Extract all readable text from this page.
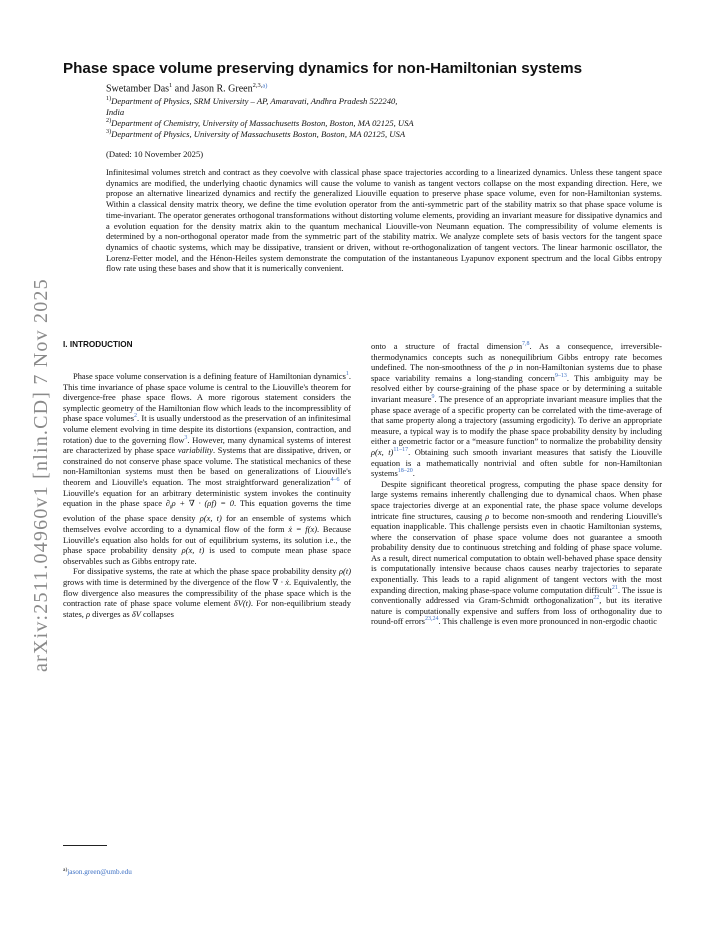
arXiv:2511.04960v1 [nlin.CD] 7 Nov 2025
Phase space volume preserving dynamics for non-Hamiltonian systems
Swetamber Das$^1$ and Jason R. Green$^{2,3,a)}$
$^{1)}$Department of Physics, SRM University – AP, Amaravati, Andhra Pradesh 522240,
India
$^{2)}$Department of Chemistry, University of Massachusetts Boston, Boston, MA 02125, USA
$^{3)}$Department of Physics, University of Massachusetts Boston, Boston, MA 02125, USA
(Dated: 10 November 2025)
Infinitesimal volumes stretch and contract as they coevolve with classical phase space trajectories according to a linearized dynamics. Unless these tangent space dynamics are modified, the underlying chaotic dynamics will cause the volume to vanish as tangent vectors collapse on the most expanding direction. Here, we propose an alternative linearized dynamics and rectify the generalized Liouville equation to preserve phase space volume, even for non-Hamiltonian systems. Within a classical density matrix theory, we define the time evolution operator from the anti-symmetric part of the stability matrix so that phase space volume is time-invariant. The operator generates orthogonal transformations without distorting volume elements, providing an invariant measure for dissipative dynamics and a evolution equation for the density matrix akin to the quantum mechanical Liouville-von Neumann equation. The compressibility of volume elements is determined by a non-orthogonal operator made from the symmetric part of the stability matrix. We analyze complete sets of basis vectors for the tangent space dynamics of chaotic systems, which may be dissipative, transient or driven, without re-orthogonalization of tangent vectors. The linear harmonic oscillator, the Lorenz-Fetter model, and the Hénon-Heiles system demonstrate the computation of the instantaneous Lyapunov exponent spectrum and the local Gibbs entropy flow rate using these bases and show that it is numerically convenient.
I. INTRODUCTION

Phase space volume conservation is a defining feature of Hamiltonian dynamics$^1$. This time invariance of phase space volume is central to the Liouville's theorem for divergence-free phase space flows. A more rigorous statement considers the symplectic geometry of the Hamiltonian flow which leads to the incompressiblity of phase space volumes$^2$. It is usually understood as the preservation of an infinitesimal volume element evolving in time despite its distortions (expansion, contraction, and rotation) due to the governing flow$^3$. However, many dynamical systems of interest are characterized by phase space variability. Systems that are dissipative, driven, or constrained do not conserve phase space volume. The statistical mechanics of these non-Hamiltonian systems must then be based on generalizations of Liouville's theorem and Liouville's equation. The most straightforward generalization$^{4-6}$ of Liouville's equation for an arbitrary deterministic system invokes the continuity equation in the phase space $\partial_t\rho$ + ∇ · (ρf) = 0. This equation governs the time evolution of the phase space density ρ(x, t) for an ensemble of systems which themselves evolve according to a dynamical flow of the form ẋ = f(x). Because Liouville's equation also holds for out of equilibrium systems, its solution i.e., the phase space probability density ρ(x, t) is used to compute mean phase space observables such as Gibbs entropy rate.

For dissipative systems, the rate at which the phase space probability density ρ(t) grows with time is determined by the divergence of the flow ∇ · ẋ. Equivalently, the flow divergence also measures the compressibility of the phase space which is the contraction rate of phase space volume element δV(t). For non-equilibrium steady states, ρ diverges as δV collapses

onto a structure of fractal dimension$^{7,8}$. As a consequence, irreversible-thermodynamics concepts such as nonequilibrium Gibbs entropy rate becomes undefined. The non-smoothness of the ρ in non-Hamiltonian systems due to phase space variability remains a long-standing concern$^{9-13}$. This ambiguity may be resolved either by course-graining of the phase space or by determining a suitable invariant measure$^9$. The presence of an appropriate invariant measure implies that the phase space average of a specific property can be correlated with the time-average of that same property along a trajectory (assuming ergodicity). To derive an appropriate measure, a typical way is to modify the phase space probability density by including either a geometric factor or a “measure function” to normalize the probability density ρ(x, t)$^{11-17}$. Obtaining such smooth invariant measures that satisfy the Liouville equation is a mathematically nontrivial and often subtle for non-Hamiltonian systems$^{18-20}$.

Despite significant theoretical progress, computing the phase space density for large systems remains inherently challenging due to dynamical chaos. When phase space trajectories diverge at an exponential rate, the phase space volume develops intricate fine structures, causing ρ to become non-smooth and rendering Liouville's equation inapplicable. This challenge persists even in chaotic Hamiltonian systems, where the conservation of phase space volume does not guarantee a smooth probability density due to continuous stretching and folding of phase space volume. As a result, direct numerical computation to obtain well-behaved phase space density is computationally intensive because chaos causes nearby trajectories to separate exponentially. This leads to a rapid alignment of tangent vectors with the most expanding direction, making phase-space volume computation difficult$^{21}$. The issue is conventionally addressed via Gram-Schmidt orthogonalization$^{22}$, but its iterative nature is computationally expensive and suffers from loss of orthogonality due to round-off errors$^{23,24}$. This challenge is even more pronounced in non-ergodic chaotic

$^{a)}$jason.green@umb.edu
